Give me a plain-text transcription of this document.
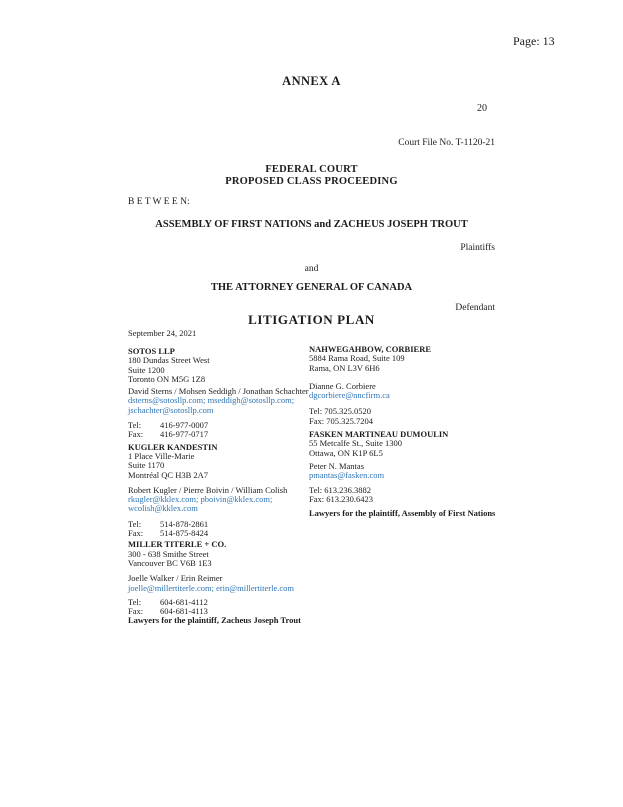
Page: 13
ANNEX A
20
Court File No. T-1120-21
FEDERAL COURT
PROPOSED CLASS PROCEEDING
B E T W E E N:
ASSEMBLY OF FIRST NATIONS and ZACHEUS JOSEPH TROUT
Plaintiffs
and
THE ATTORNEY GENERAL OF CANADA
Defendant
LITIGATION PLAN
September 24, 2021
SOTOS LLP
180 Dundas Street West
Suite 1200
Toronto ON M5G 1Z8
David Sterns / Mohsen Seddigh / Jonathan Schachter
dsterns@sotosllp.com; mseddigh@sotosllp.com;
jschachter@sotosllp.com
Tel: 416-977-0007
Fax: 416-977-0717
KUGLER KANDESTIN
1 Place Ville-Marie
Suite 1170
Montréal QC H3B 2A7
Robert Kugler / Pierre Boivin / William Colish
rkugler@kklex.com; pboivin@kklex.com;
wcolish@kklex.com
Tel: 514-878-2861
Fax: 514-875-8424
MILLER TITERLE + CO.
300 - 638 Smithe Street
Vancouver BC V6B 1E3
Joelle Walker / Erin Reimer
joelle@millertiterle.com; erin@millertiterle.com
Tel: 604-681-4112
Fax: 604-681-4113
Lawyers for the plaintiff, Zacheus Joseph Trout
NAHWEGAHBOW, CORBIERE
5884 Rama Road, Suite 109
Rama, ON L3V 6H6
Dianne G. Corbiere
dgcorbiere@nncfirm.ca
Tel: 705.325.0520
Fax: 705.325.7204
FASKEN MARTINEAU DUMOULIN
55 Metcalfe St., Suite 1300
Ottawa, ON K1P 6L5
Peter N. Mantas
pmantas@fasken.com
Tel: 613.236.3882
Fax: 613.230.6423
Lawyers for the plaintiff, Assembly of First Nations
